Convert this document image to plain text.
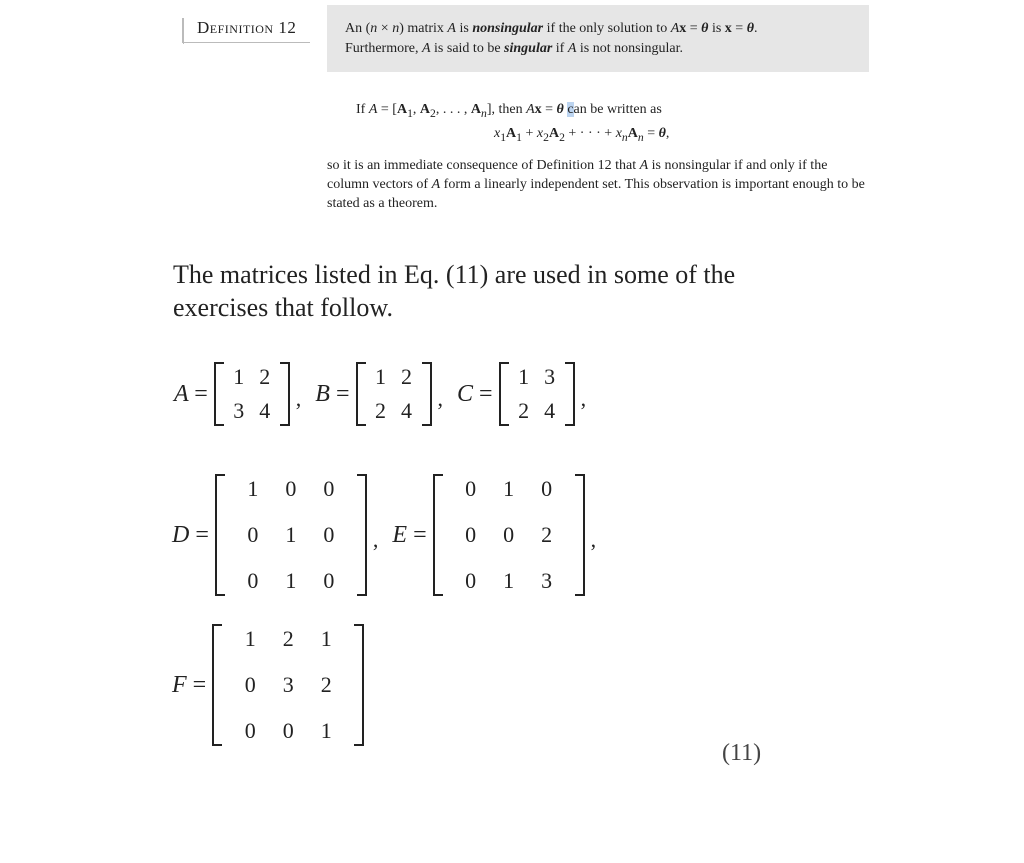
Definition 12	An (n × n) matrix A is nonsingular if the only solution to Ax = θ is x = θ.
Furthermore, A is said to be singular if A is not nonsingular.
If $A = [A_1$, $A_2$, . . . , $A_n$], then Ax = θ can be written as
$x_1A_1 + x_2A_2$ + · · · + $x_nA_n = \theta$,
so it is an immediate consequence of Definition 12 that A is nonsingular if and only if the column vectors of A form a linearly independent set. This observation is important enough to be stated as a theorem.
The matrices listed in Eq. (11) are used in some of the exercises that follow.
A =
1 2
3 4 , B =
1 2
2 4 , C =
1 3
2 4 ,
D =
1	0	0
0	1	0
0	1	0
, E =
0	1	0
0	0	2
0	1	3
,
F =
1	2	1
0	3	2
0	0	1
(11)
